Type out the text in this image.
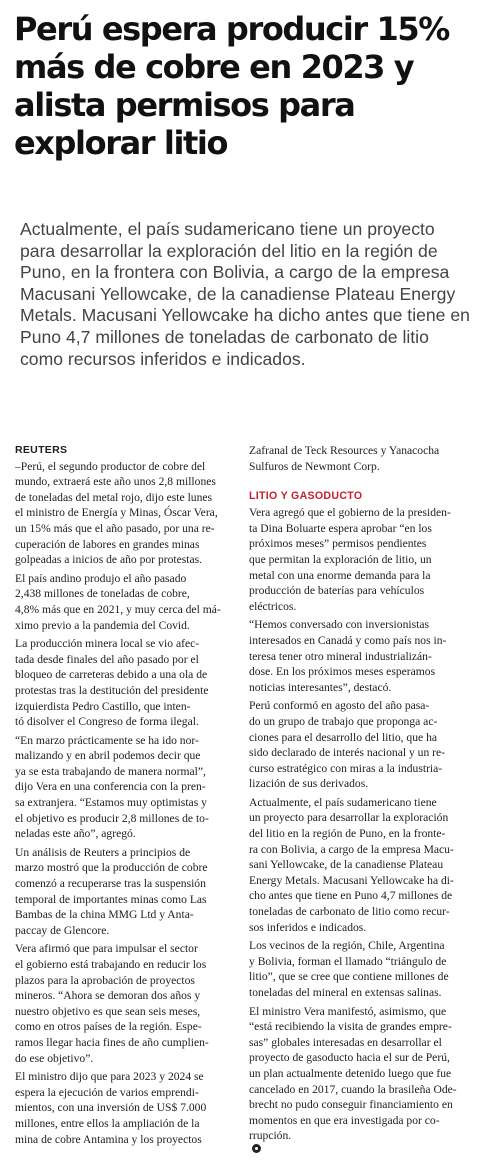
Perú espera producir 15%
más de cobre en 2023 y
alista permisos para
explorar litio
Actualmente, el país sudamericano tiene un proyecto
para desarrollar la exploración del litio en la región de
Puno, en la frontera con Bolivia, a cargo de la empresa
Macusani Yellowcake, de la canadiense Plateau Energy
Metals. Macusani Yellowcake ha dicho antes que tiene en
Puno 4,7 millones de toneladas de carbonato de litio
como recursos inferidos e indicados.
REUTERS

–Perú, el segundo productor de cobre del
mundo, extraerá este año unos 2,8 millones
de toneladas del metal rojo, dijo este lunes
el ministro de Energía y Minas, Óscar Vera,
un 15% más que el año pasado, por una re-
cuperación de labores en grandes minas
golpeadas a inicios de año por protestas.

El país andino produjo el año pasado
2,438 millones de toneladas de cobre,
4,8% más que en 2021, y muy cerca del má-
ximo previo a la pandemia del Covid.

La producción minera local se vio afec-
tada desde finales del año pasado por el
bloqueo de carreteras debido a una ola de
protestas tras la destitución del presidente
izquierdista Pedro Castillo, que inten-
tó disolver el Congreso de forma ilegal.

“En marzo prácticamente se ha ido nor-
malizando y en abril podemos decir que
ya se esta trabajando de manera normal”,
dijo Vera en una conferencia con la pren-
sa extranjera. “Estamos muy optimistas y
el objetivo es producir 2,8 millones de to-
neladas este año”, agregó.

Un análisis de Reuters a principios de
marzo mostró que la producción de cobre
comenzó a recuperarse tras la suspensión
temporal de importantes minas como Las
Bambas de la china MMG Ltd y Anta-
paccay de Glencore.

Vera afirmó que para impulsar el sector
el gobierno está trabajando en reducir los
plazos para la aprobación de proyectos
mineros. “Ahora se demoran dos años y
nuestro objetivo es que sean seis meses,
como en otros países de la región. Espe-
ramos llegar hacia fines de año cumplien-
do ese objetivo”.

El ministro dijo que para 2023 y 2024 se
espera la ejecución de varios emprendi-
mientos, con una inversión de US$ 7.000
millones, entre ellos la ampliación de la
mina de cobre Antamina y los proyectos

Zafranal de Teck Resources y Yanacocha
Sulfuros de Newmont Corp.

LITIO Y GASODUCTO

Vera agregó que el gobierno de la presiden-
ta Dina Boluarte espera aprobar “en los
próximos meses” permisos pendientes
que permitan la exploración de litio, un
metal con una enorme demanda para la
producción de baterías para vehículos
eléctricos.

“Hemos conversado con inversionistas
interesados en Canadá y como país nos in-
teresa tener otro mineral industrializán-
dose. En los próximos meses esperamos
noticias interesantes”, destacó.

Perú conformó en agosto del año pasa-
do un grupo de trabajo que proponga ac-
ciones para el desarrollo del litio, que ha
sido declarado de interés nacional y un re-
curso estratégico con miras a la industria-
lización de sus derivados.

Actualmente, el país sudamericano tiene
un proyecto para desarrollar la exploración
del litio en la región de Puno, en la fronte-
ra con Bolivia, a cargo de la empresa Macu-
sani Yellowcake, de la canadiense Plateau
Energy Metals. Macusani Yellowcake ha di-
cho antes que tiene en Puno 4,7 millones de
toneladas de carbonato de litio como recur-
sos inferidos e indicados.

Los vecinos de la región, Chile, Argentina
y Bolivia, forman el llamado “triángulo de
litio”, que se cree que contiene millones de
toneladas del mineral en extensas salinas.

El ministro Vera manifestó, asimismo, que
“está recibiendo la visita de grandes empre-
sas” globales interesadas en desarrollar el
proyecto de gasoducto hacia el sur de Perú,
un plan actualmente detenido luego que fue
cancelado en 2017, cuando la brasileña Ode-
brecht no pudo conseguir financiamiento en
momentos en que era investigada por co-
rrupción.
